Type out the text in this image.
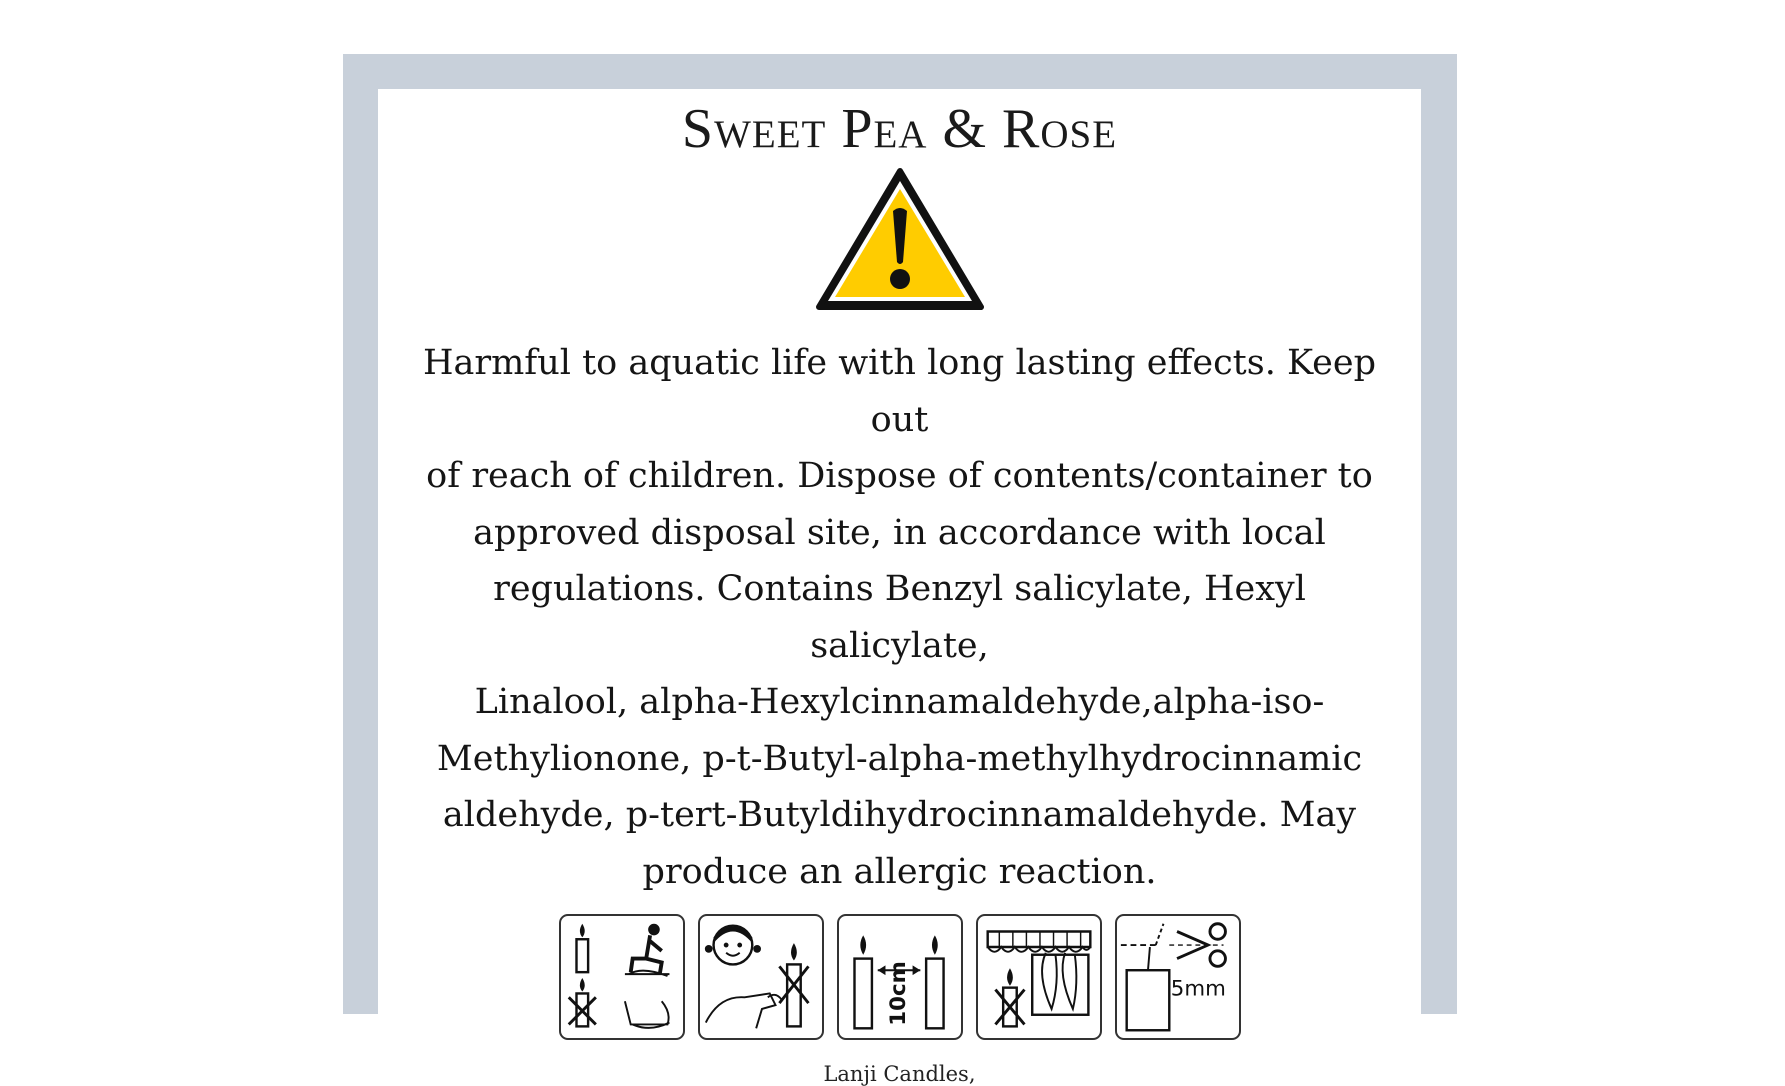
Sweet Pea & Rose

Harmful to aquatic life with long lasting effects. Keep out
of reach of children. Dispose of contents/container to
approved disposal site, in accordance with local
regulations. Contains Benzyl salicylate, Hexyl salicylate,
Linalool, alpha-Hexylcinnamaldehyde,alpha-iso-
Methylionone, p-t-Butyl-alpha-methylhydrocinnamic
aldehyde, p-tert-Butyldihydrocinnamaldehyde. May
produce an allergic reaction.

10cm	5mm
Lanji Candles,
